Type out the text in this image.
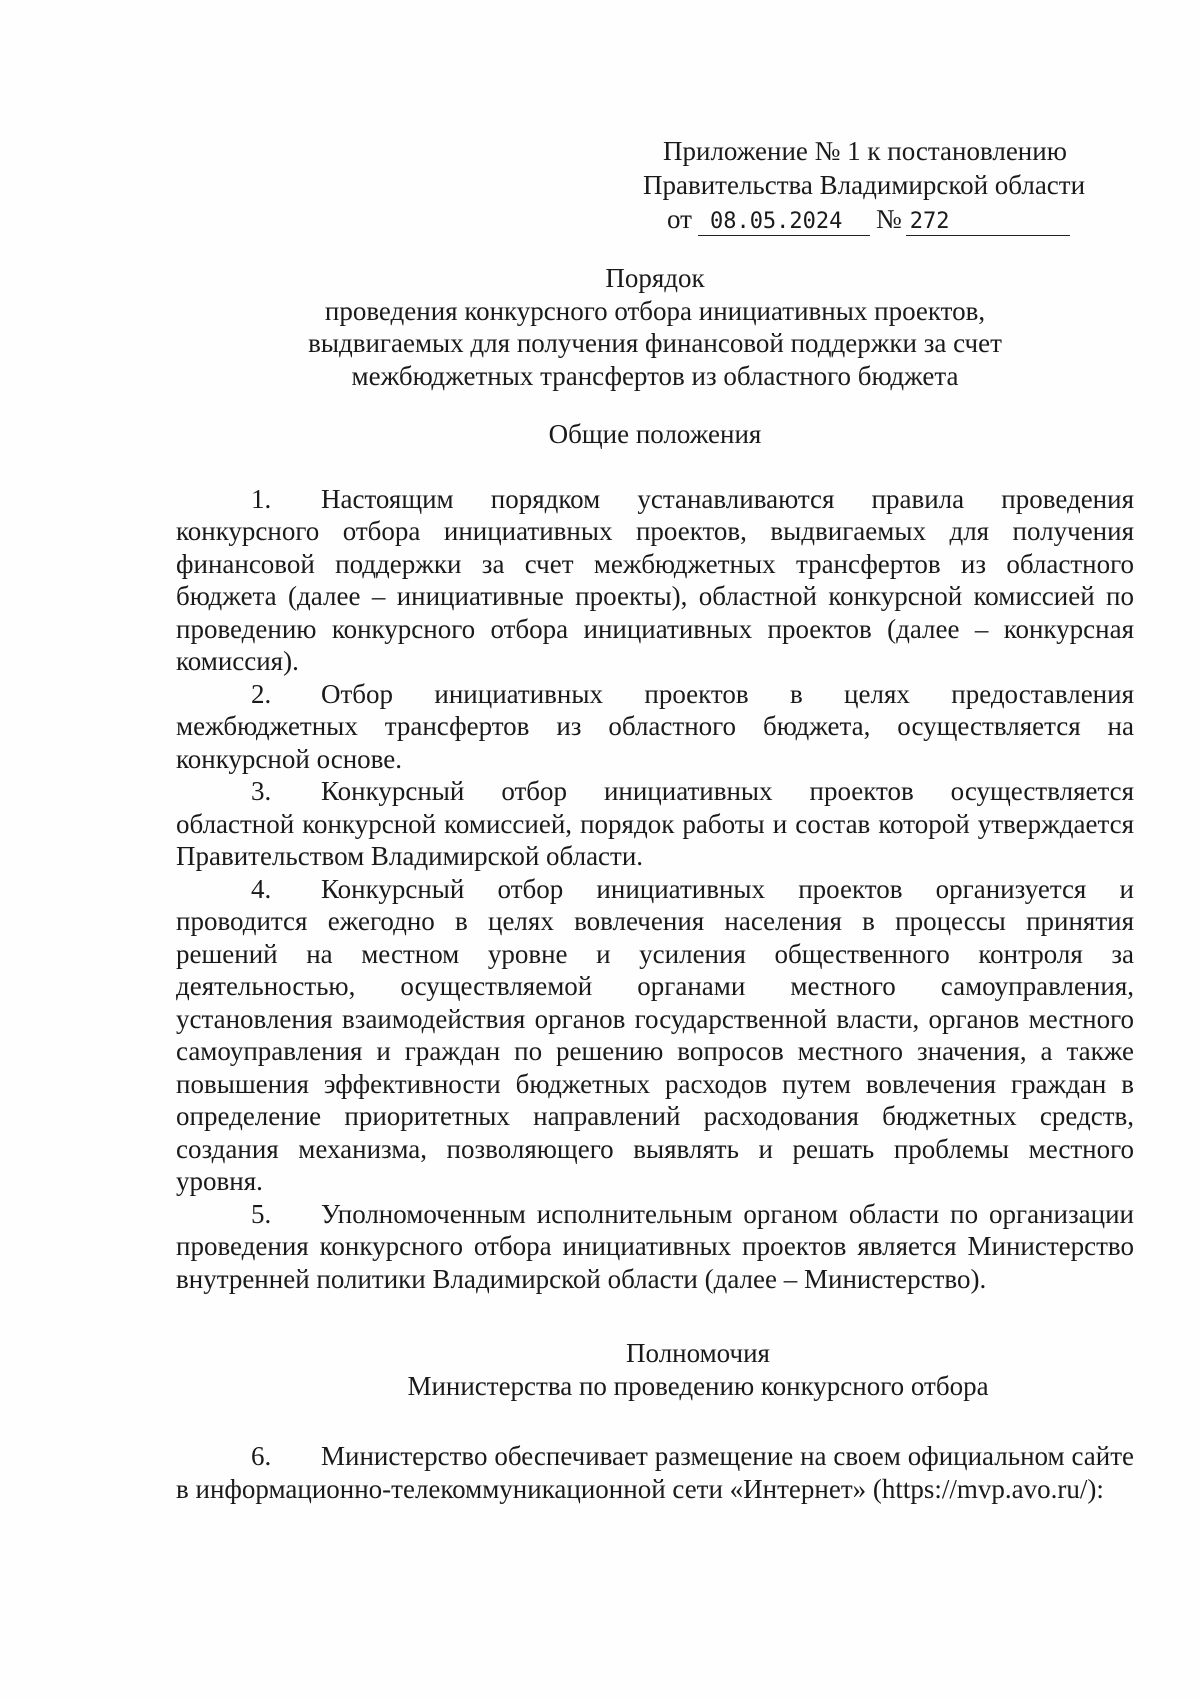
Приложение № 1 к постановлению
Правительства Владимирской области
от 08.05.2024	№ 272

Порядок

проведения конкурсного отбора инициативных проектов,

выдвигаемых для получения финансовой поддержки за счет

межбюджетных трансфертов из областного бюджета

Общие положения

1. Настоящим порядком устанавливаются правила проведения конкурсного отбора инициативных проектов, выдвигаемых для получения финансовой поддержки за счет межбюджетных трансфертов из областного бюджета (далее – инициативные проекты), областной конкурсной комиссией по проведению конкурсного отбора инициативных проектов (далее – конкурсная комиссия).

2. Отбор инициативных проектов в целях предоставления межбюджетных трансфертов из областного бюджета, осуществляется на конкурсной основе.

3. Конкурсный отбор инициативных проектов осуществляется областной конкурсной комиссией, порядок работы и состав которой утверждается Правительством Владимирской области.

4. Конкурсный отбор инициативных проектов организуется и проводится ежегодно в целях вовлечения населения в процессы принятия решений на местном уровне и усиления общественного контроля за деятельностью, осуществляемой органами местного самоуправления, установления взаимодействия органов государственной власти, органов местного самоуправления и граждан по решению вопросов местного значения, а также повышения эффективности бюджетных расходов путем вовлечения граждан в определение приоритетных направлений расходования бюджетных средств, создания механизма, позволяющего выявлять и решать проблемы местного уровня.

5. Уполномоченным исполнительным органом области по организации проведения конкурсного отбора инициативных проектов является Министерство внутренней политики Владимирской области (далее – Министерство).

Полномочия

Министерства по проведению конкурсного отбора

6. Министерство обеспечивает размещение на своем официальном сайте в информационно-телекоммуникационной сети «Интернет» (https://mvp.avo.ru/):
